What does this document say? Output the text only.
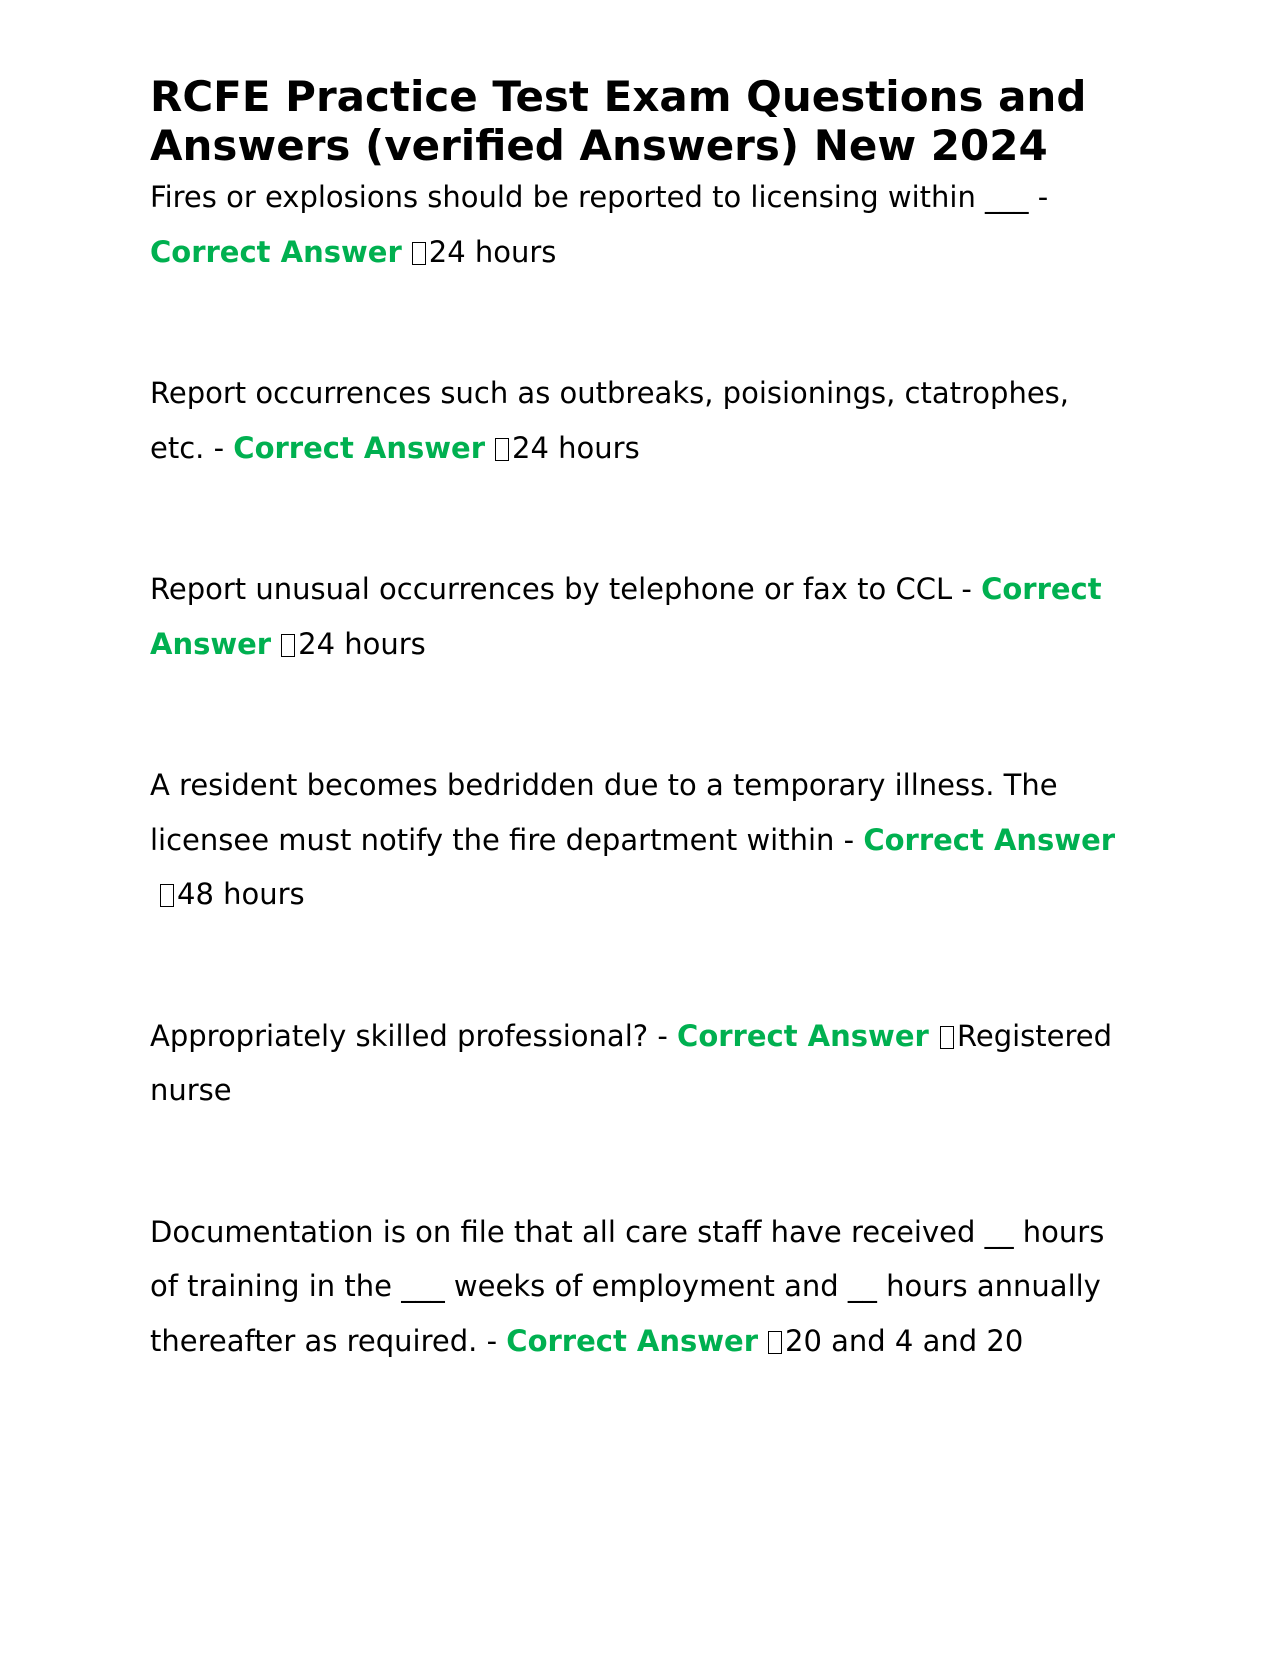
RCFE Practice Test Exam Questions and Answers (verified Answers) New 2024

Fires or explosions should be reported to licensing within ___ - Correct Answer 24 hours

Report occurrences such as outbreaks, poisionings, ctatrophes, etc. - Correct Answer 24 hours

Report unusual occurrences by telephone or fax to CCL - Correct Answer 24 hours

A resident becomes bedridden due to a temporary illness. The licensee must notify the fire department within - Correct Answer48 hours

Appropriately skilled professional? - Correct Answer Registered nurse

Documentation is on file that all care staff have received __ hours of training in the ___ weeks of employment and __ hours annually thereafter as required. - Correct Answer 20 and 4 and 20
